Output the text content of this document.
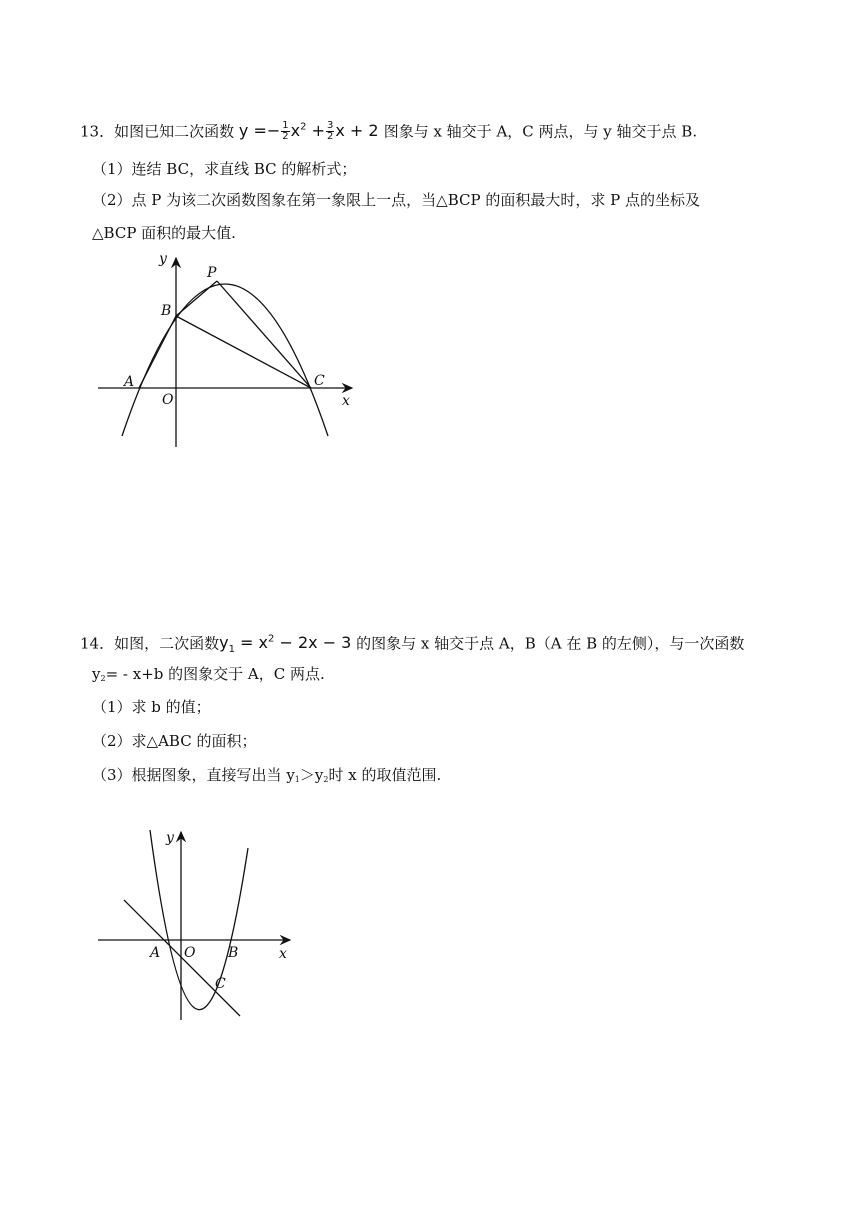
13．如图已知二次函数 $y =- \frac{1}{2} x^2 + \frac{3}{2}$ x + 2 图象与 x 轴交于 A，C 两点，与 y 轴交于点 B.
（1）连结 BC，求直线 BC 的解析式；
（2）点 P 为该二次函数图象在第一象限上一点，当△BCP 的面积最大时，求 P 点的坐标及
△BCP 面积的最大值.
y
P
B
A	C
O	x
y
A O B
C
x
14．如图，二次函数$y_1 = x^2 - 2x - 3$ 的图象与 x 轴交于点 A，B（A 在 B 的左侧），与一次函数
y2= - x+b 的图象交于 A，C 两点.
（1）求 b 的值；
（2）求△ABC 的面积；
（3）根据图象，直接写出当 y1＞y2时 x 的取值范围.
